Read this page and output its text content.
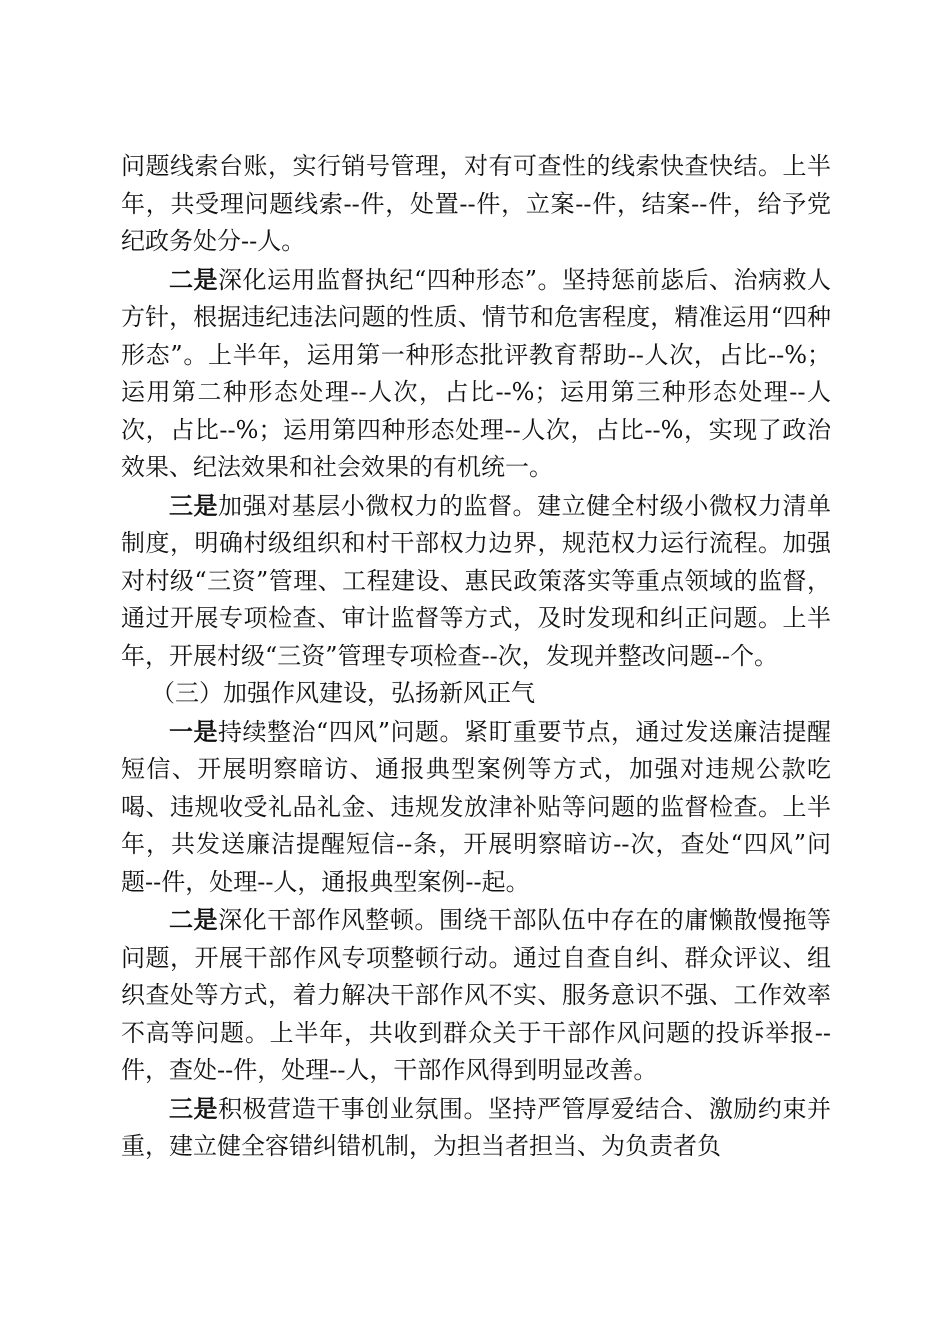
问题线索台账，实行销号管理，对有可查性的线索快查快结。上半年，共受理问题线索--件，处置--件，立案--件，结案--件，给予党纪政务处分--人。

二是深化运用监督执纪“四种形态”。坚持惩前毖后、治病救人方针，根据违纪违法问题的性质、情节和危害程度，精准运用“四种形态”。上半年，运用第一种形态批评教育帮助--人次，占比--%；运用第二种形态处理--人次，占比--%；运用第三种形态处理--人次，占比--%；运用第四种形态处理--人次，占比--%，实现了政治效果、纪法效果和社会效果的有机统一。

三是加强对基层小微权力的监督。建立健全村级小微权力清单制度，明确村级组织和村干部权力边界，规范权力运行流程。加强对村级“三资”管理、工程建设、惠民政策落实等重点领域的监督，通过开展专项检查、审计监督等方式，及时发现和纠正问题。上半年，开展村级“三资”管理专项检查--次，发现并整改问题--个。

（三）加强作风建设，弘扬新风正气

一是持续整治“四风”问题。紧盯重要节点，通过发送廉洁提醒短信、开展明察暗访、通报典型案例等方式，加强对违规公款吃喝、违规收受礼品礼金、违规发放津补贴等问题的监督检查。上半年，共发送廉洁提醒短信--条，开展明察暗访--次，查处“四风”问题--件，处理--人，通报典型案例--起。

二是深化干部作风整顿。围绕干部队伍中存在的庸懒散慢拖等问题，开展干部作风专项整顿行动。通过自查自纠、群众评议、组织查处等方式，着力解决干部作风不实、服务意识不强、工作效率不高等问题。上半年，共收到群众关于干部作风问题的投诉举报--件，查处--件，处理--人，干部作风得到明显改善。

三是积极营造干事创业氛围。坚持严管厚爱结合、激励约束并重，建立健全容错纠错机制，为担当者担当、为负责者负
